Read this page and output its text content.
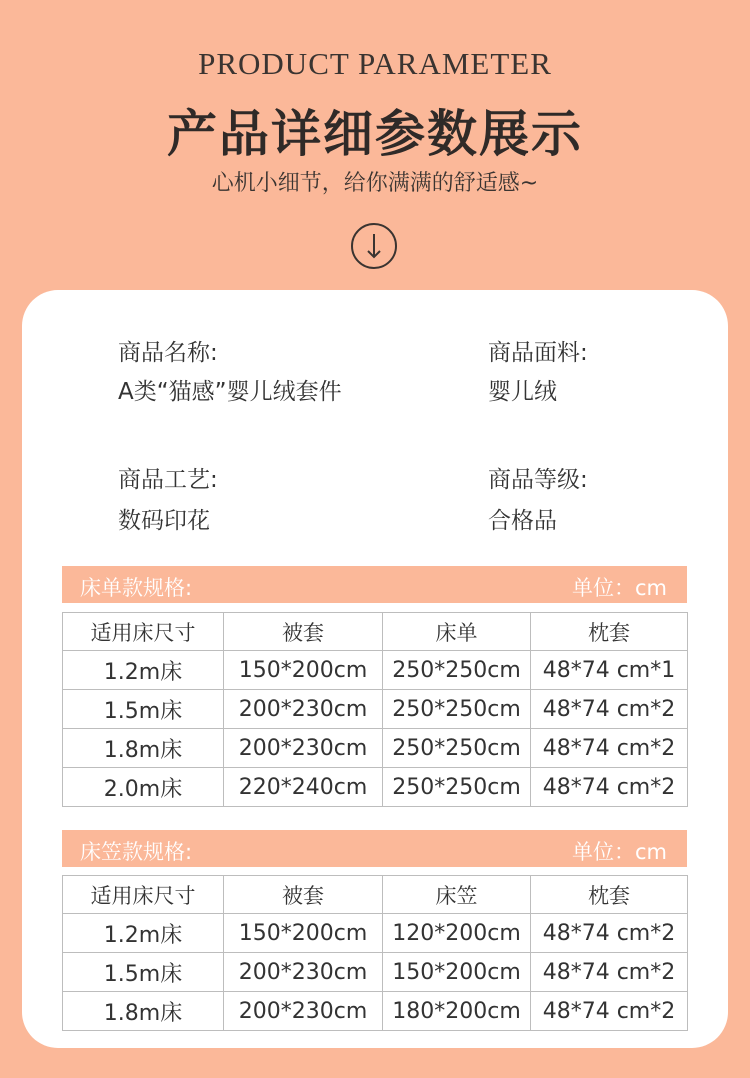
PRODUCT PARAMETER
产品详细参数展示
心机小细节，给你满满的舒适感~
商品名称:
A类“猫感”婴儿绒套件
商品面料:
婴儿绒
商品工艺:
数码印花
商品等级:
合格品
床单款规格:	单位：cm
适用床尺寸	被套	床单	枕套
1.2m床	150*200cm	250*250cm	48*74 cm*1
1.5m床	200*230cm	250*250cm	48*74 cm*2
1.8m床	200*230cm	250*250cm	48*74 cm*2
2.0m床	220*240cm	250*250cm	48*74 cm*2
床笠款规格:	单位：cm
适用床尺寸	被套	床笠	枕套
1.2m床	150*200cm	120*200cm	48*74 cm*2
1.5m床	200*230cm	150*200cm	48*74 cm*2
1.8m床	200*230cm	180*200cm	48*74 cm*2
